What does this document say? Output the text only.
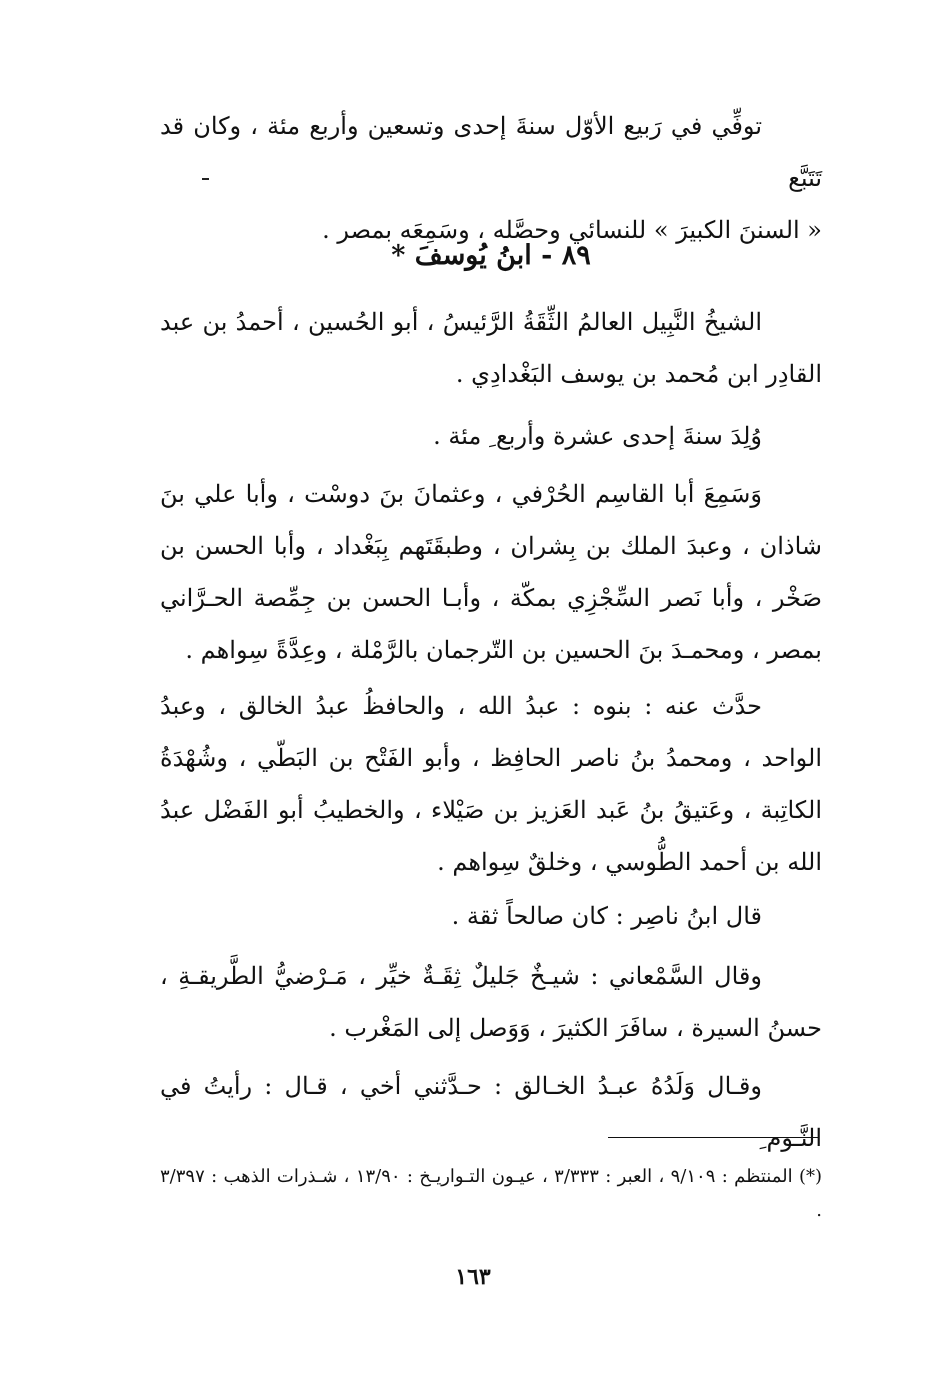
توفِّي في رَبيع الأوّل سنةَ إحدى وتسعين وأربع مئة ، وكان قد تَتَبَّع

« السننَ الكبيرَ » للنسائي وحصَّله ، وسَمِعَه بمصر .

٨٩ - ابنُ يُوسفَ *

الشيخُ النَّبِيل العالمُ الثِّقَةُ الرَّئيسُ ، أبو الحُسين ، أحمدُ بن عبد القادِر ابن مُحمد بن يوسف البَغْدادِي .

وُلِدَ سنةَ إحدى عشرة وأربع ِ مئة .

وَسَمِعَ أبا القاسِم الحُرْفي ، وعثمانَ بنَ دوسْت ، وأبا علي بنَ شاذان ، وعبدَ الملك بن بِشران ، وطبقَتَهم بِبَغْداد ، وأبا الحسن بن صَخْر ، وأبا نَصر السِّجْزِي بمكّة ، وأبـا الحسن بن جِمِّصة الحـرَّاني بمصر ، ومحمـدَ بنَ الحسين بن التّرجمان بالرَّمْلة ، وعِدَّةً سِواهم .

حدَّث عنه : بنوه : عبدُ الله ، والحافظُ عبدُ الخالق ، وعبدُ الواحد ، ومحمدُ بنُ ناصر الحافِظ ، وأبو الفَتْح بن البَطّي ، وشُهْدَةُ الكاتِبة ، وعَتيقُ بنُ عَبد العَزيز بن صَيْلاء ، والخطيبُ أبو الفَضْل عبدُ الله بن أحمد الطُّوسي ، وخلقٌ سِواهم .

قال ابنُ ناصِر : كان صالحاً ثقة .

وقال السَّمْعاني : شيـخٌ جَليلٌ ثِقَـةٌ خيِّر ، مَـرْضيُّ الطَّريقـةِ ، حسنُ السيرة ، سافَرَ الكثيرَ ، وَوَصل إلى المَغْرب .

وقـال وَلَدُهُ عبـدُ الخـالق : حـدَّثني أخي ، قـال : رأيتُ في النَّـوم ِ

(*) المنتظم : ٩/١٠٩ ، العبر : ٣/٣٣٣ ، عيـون التـواريـخ : ١٣/٩٠ ، شـذرات الذهب : ٣/٣٩٧ .
١٦٣
